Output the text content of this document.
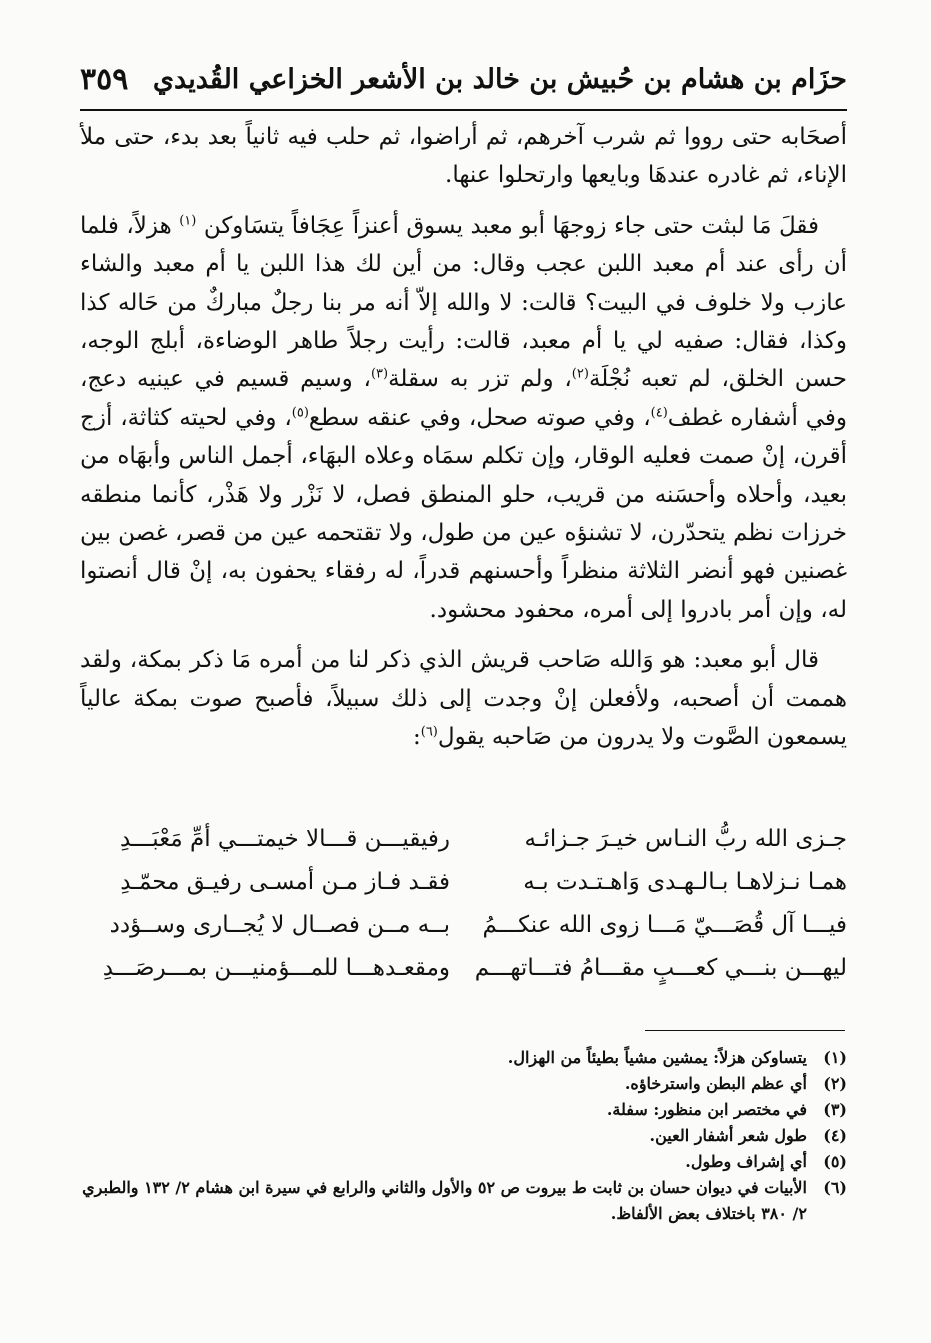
حزَام بن هشام بن حُبيش بن خالد بن الأشعر الخزاعي القُديدي
٣٥٩

أصحَابه حتى رووا ثم شرب آخرهم، ثم أراضوا، ثم حلب فيه ثانياً بعد بدء، حتى ملأ الإناء، ثم غادره عندهَا وبايعها وارتحلوا عنها.

فقلَ مَا لبثت حتى جاء زوجهَا أبو معبد يسوق أعنزاً عِجَافاً يتسَاوكن $^{(١)}$ هزلاً، فلما أن رأى عند أم معبد اللبن عجب وقال: من أين لك هذا اللبن يا أم معبد والشاء عازب ولا خلوف في البيت؟ قالت: لا والله إلاّ أنه مر بنا رجلٌ مباركٌ من حَاله كذا وكذا، فقال: صفيه لي يا أم معبد، قالت: رأيت رجلاً طاهر الوضاءة، أبلج الوجه، حسن الخلق، لم تعبه نُجْلَة$^{(٢)}$، ولم تزر به سقلة$^{(٣)}$، وسيم قسيم في عينيه دعج، وفي أشفاره غطف$^{(٤)}$، وفي صوته صحل، وفي عنقه سطع$^{(٥)}$، وفي لحيته كثاثة، أزج أقرن، إنْ صمت فعليه الوقار، وإن تكلم سمَاه وعلاه البهَاء، أجمل الناس وأبهَاه من بعيد، وأحلاه وأحسَنه من قريب، حلو المنطق فصل، لا نَزْر ولا هَذْر، كأنما منطقه خرزات نظم يتحدّرن، لا تشنؤه عين من طول، ولا تقتحمه عين من قصر، غصن بين غصنين فهو أنضر الثلاثة منظراً وأحسنهم قدراً، له رفقاء يحفون به، إنْ قال أنصتوا له، وإن أمر بادروا إلى أمره، محفود محشود.

قال أبو معبد: هو وَالله صَاحب قريش الذي ذكر لنا من أمره مَا ذكر بمكة، ولقد هممت أن أصحبه، ولأفعلن إنْ وجدت إلى ذلك سبيلاً، فأصبح صوت بمكة عالياً يسمعون الصَّوت ولا يدرون من صَاحبه يقول$^{(٦)}$:

جـزى الله ربُّ النـاس خيـرَ جـزائـه
رفيقيـــن قـــالا خيمتـــي أمِّ مَعْبَـــدِ
همـا نـزلاهـا بـالـهـدى وَاهـتـدت بـه
فقـد فـاز مـن أمسـى رفيـق محمّـدِ
فيـــا آل قُصَـــيّ مَـــا زوى الله عنكـــمُ
بــه مــن فصــال لا يُجــارى وســؤدد
ليهـــن بنـــي كعـــبٍ مقـــامُ فتـــاتهـــم
ومقعـدهـــا للمـــؤمنيـــن بمـــرصَـــدِ
(١)
يتساوكن هزلاً: يمشين مشياً بطيئاً من الهزال.
(٢)
أي عظم البطن واسترخاؤه.
(٣)
في مختصر ابن منظور: سفلة.
(٤)
طول شعر أشفار العين.
(٥)
أي إشراف وطول.
(٦)
الأبيات في ديوان حسان بن ثابت ط بيروت ص ٥٢ والأول والثاني والرابع في سيرة ابن هشام ٢/ ١٣٢ والطبري ٢/ ٣٨٠ باختلاف بعض الألفاظ.
